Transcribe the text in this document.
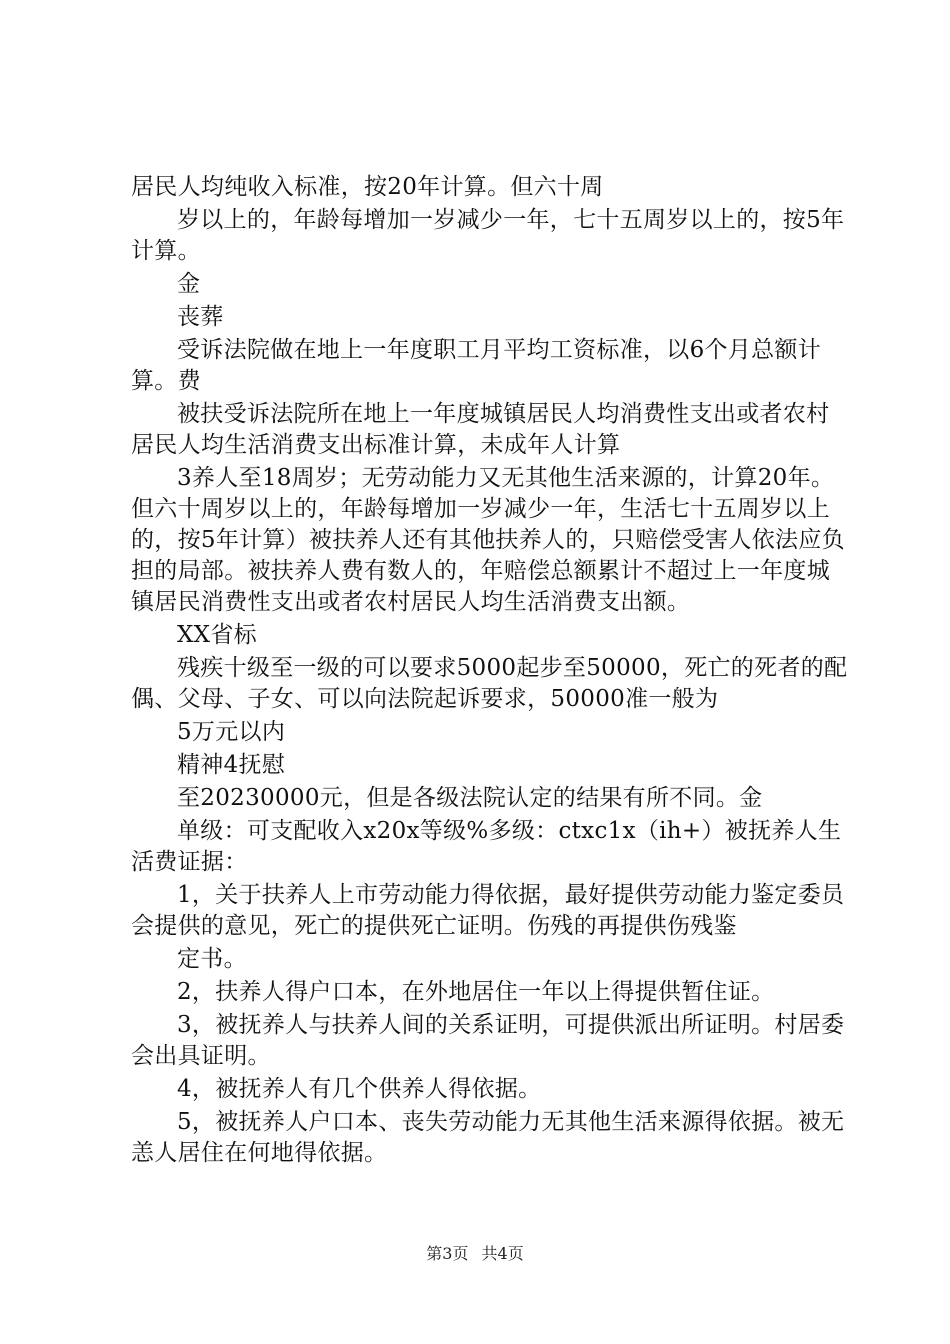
居民人均纯收入标准，按20年计算。但六十周

岁以上的，年龄每增加一岁减少一年，七十五周岁以上的，按5年计算。

金

丧葬

受诉法院做在地上一年度职工月平均工资标准，以6个月总额计算。费

被扶受诉法院所在地上一年度城镇居民人均消费性支出或者农村居民人均生活消费支出标准计算，未成年人计算

3养人至18周岁；无劳动能力又无其他生活来源的，计算20年。但六十周岁以上的，年龄每增加一岁减少一年，生活七十五周岁以上的，按5年计算）被扶养人还有其他扶养人的，只赔偿受害人依法应负担的局部。被扶养人费有数人的，年赔偿总额累计不超过上一年度城镇居民消费性支出或者农村居民人均生活消费支出额。

XX省标

残疾十级至一级的可以要求5000起步至50000，死亡的死者的配偶、父母、子女、可以向法院起诉要求，50000准一般为

5万元以内

精神4抚慰

至20230000元，但是各级法院认定的结果有所不同。金

单级：可支配收入x20x等级%多级：ctxc1x（ih+）被抚养人生活费证据：

1，关于扶养人上市劳动能力得依据，最好提供劳动能力鉴定委员会提供的意见，死亡的提供死亡证明。伤残的再提供伤残鉴

定书。

2，扶养人得户口本，在外地居住一年以上得提供暂住证。

3，被抚养人与扶养人间的关系证明，可提供派出所证明。村居委会出具证明。

4，被抚养人有几个供养人得依据。

5，被抚养人户口本、丧失劳动能力无其他生活来源得依据。被无恙人居住在何地得依据。

第3页 共4页
